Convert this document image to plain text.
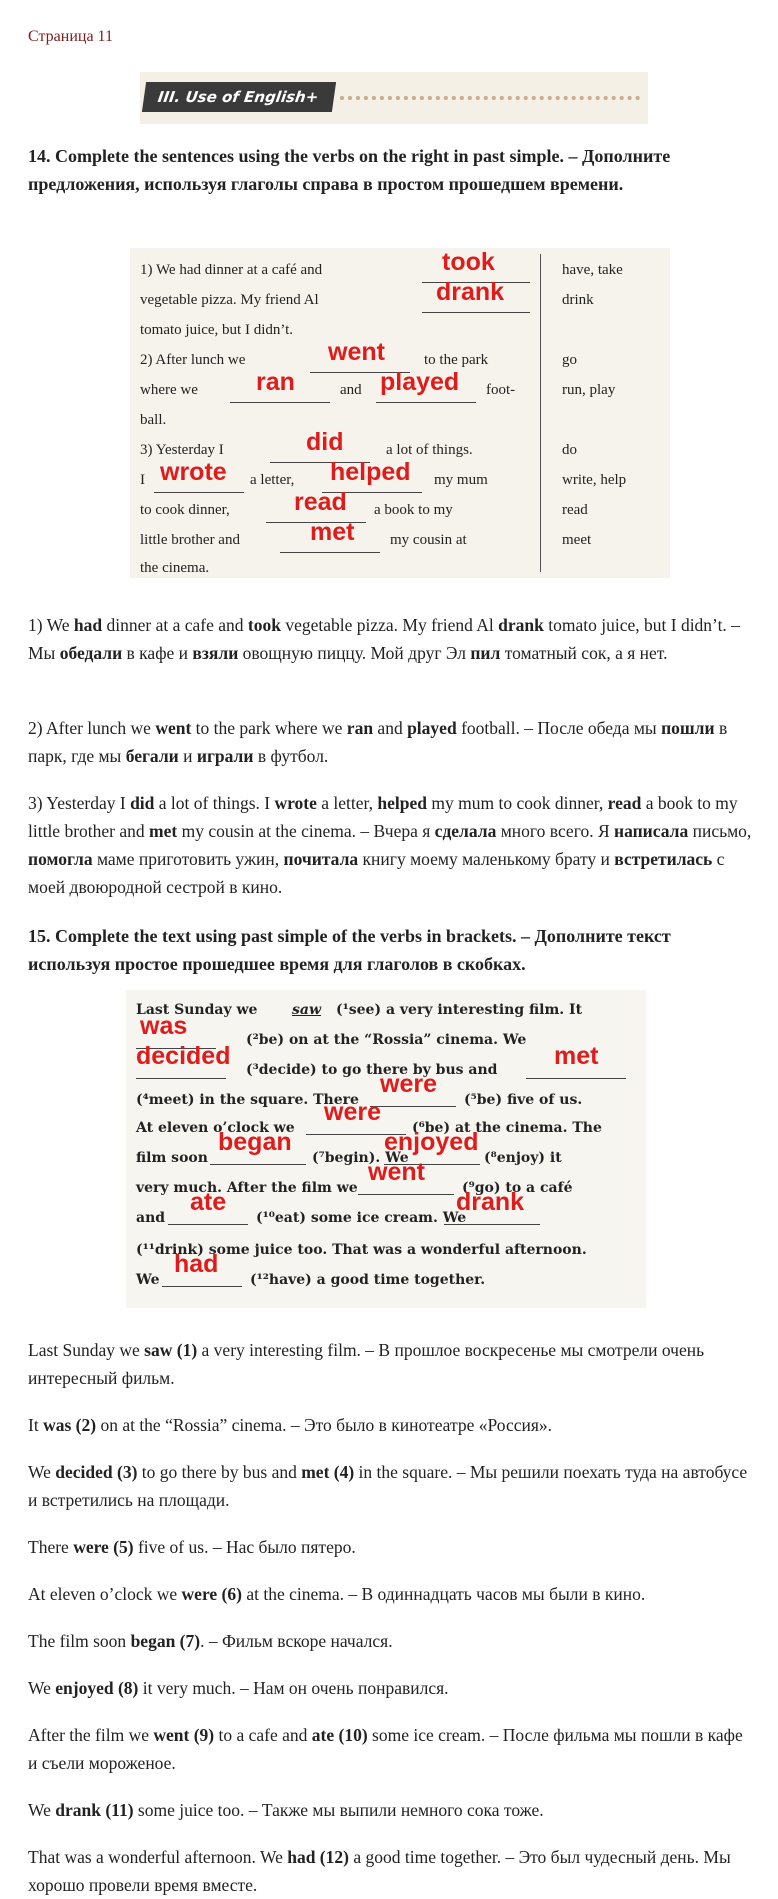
Страница 11
III. Use of English+
14. Complete the sentences using the verbs on the right in past simple. – Дополните предложения, используя глаголы справа в простом прошедшем времени.
1) We had dinner at a café and	took	have, take
vegetable pizza. My friend Al	drank	drink
tomato juice, but I didn’t.
2) After lunch we	went	to the park	go
where we ran	and played foot-	run, play
ball.
3) Yesterday I	did	a lot of things.	do
I wrote a letter, helped my mum	write, help
to cook dinner,	read a book to my	read
little brother and	met my cousin at	meet
the cinema.

1) We had dinner at a cafe and took vegetable pizza. My friend Al drank tomato juice, but I didn’t. – Мы обедали в кафе и взяли овощную пиццу. Мой друг Эл пил томатный сок, а я нет.

2) After lunch we went to the park where we ran and played football. – После обеда мы пошли в парк, где мы бегали и играли в футбол.

3) Yesterday I did a lot of things. I wrote a letter, helped my mum to cook dinner, read a book to my little brother and met my cousin at the cinema. – Вчера я сделала много всего. Я написала письмо, помогла маме приготовить ужин, почитала книгу моему маленькому брату и встретилась с моей двоюродной сестрой в кино.

15. Complete the text using past simple of the verbs in brackets. – Дополните текст используя простое прошедшее время для глаголов в скобках.
Last Sunday we saw (¹see) a very interesting film. It
was	(²be) on at the “Rossia” cinema. We
decided (³decide) to go there by bus and met
(⁴meet) in the square. There
were
(⁵be) five of us.
At eleven o’clock we
were
(⁶be) at the cinema. The
film soon
began
(⁷begin). We
enjoyed
(⁸enjoy) it
very much. After the film we
went
(⁹go) to a café
and
ate
(¹⁰eat) some ice cream. We
drank
(¹¹drink) some juice too. That was a wonderful afternoon.
We
had
(¹²have) a good time together.

Last Sunday we saw (1) a very interesting film. – В прошлое воскресенье мы смотрели очень интересный фильм.

It was (2) on at the “Rossia” cinema. – Это было в кинотеатре «Россия».

We decided (3) to go there by bus and met (4) in the square. – Мы решили поехать туда на автобусе и встретились на площади.

There were (5) five of us. – Нас было пятеро.

At eleven o’clock we were (6) at the cinema. – В одиннадцать часов мы были в кино.

The film soon began (7). – Фильм вскоре начался.

We enjoyed (8) it very much. – Нам он очень понравился.

After the film we went (9) to a cafe and ate (10) some ice cream. – После фильма мы пошли в кафе и съели мороженое.

We drank (11) some juice too. – Также мы выпили немного сока тоже.

That was a wonderful afternoon. We had (12) a good time together. – Это был чудесный день. Мы хорошо провели время вместе.
